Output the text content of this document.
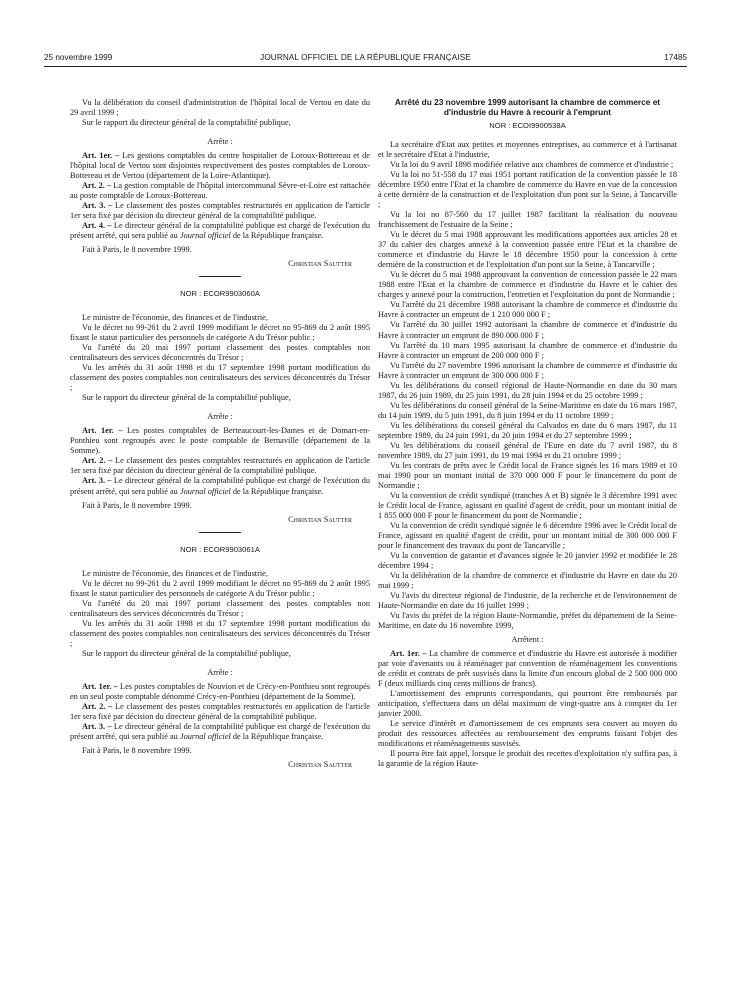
25 novembre 1999	JOURNAL OFFICIEL DE LA RÉPUBLIQUE FRANÇAISE	17485

Vu la délibération du conseil d'administration de l'hôpital local de Vertou en date du 29 avril 1999 ;

Sur le rapport du directeur général de la comptabilité publique,

Arrête :

Art. 1er. – Les gestions comptables du centre hospitalier de Loroux-Bottereau et de l'hôpital local de Vertou sont disjointes respectivement des postes comptables de Loroux-Bottereau et de Vertou (département de la Loire-Atlantique).

Art. 2. – La gestion comptable de l'hôpital intercommunal Sèvre-et-Loire est rattachée au poste comptable de Loroux-Bottereau.

Art. 3. – Le classement des postes comptables restructurés en application de l'article 1er sera fixé par décision du directeur général de la comptabilité publique.

Art. 4. – Le directeur général de la comptabilité publique est chargé de l'exécution du présent arrêté, qui sera publié au Journal officiel de la République française.

Fait à Paris, le 8 novembre 1999.

Christian Sautter

NOR : ECOR9903060A

Le ministre de l'économie, des finances et de l'industrie,

Vu le décret no 99-261 du 2 avril 1999 modifiant le décret no 95-869 du 2 août 1995 fixant le statut particulier des personnels de catégorie A du Trésor public ;

Vu l'arrêté du 20 mai 1997 portant classement des postes comptables non centralisateurs des services déconcentrés du Trésor ;

Vu les arrêtés du 31 août 1998 et du 17 septembre 1998 portant modification du classement des postes comptables non centralisateurs des services déconcentrés du Trésor ;

Sur le rapport du directeur général de la comptabilité publique,

Arrête :

Art. 1er. – Les postes comptables de Berteaucourt-les-Dames et de Domart-en-Ponthieu sont regroupés avec le poste comptable de Bernaville (département de la Somme).

Art. 2. – Le classement des postes comptables restructurés en application de l'article 1er sera fixé par décision du directeur général de la comptabilité publique.

Art. 3. – Le directeur général de la comptabilité publique est chargé de l'exécution du présent arrêté, qui sera publié au Journal officiel de la République française.

Fait à Paris, le 8 novembre 1999.

Christian Sautter

NOR : ECOR9903061A

Le ministre de l'économie, des finances et de l'industrie,

Vu le décret no 99-261 du 2 avril 1999 modifiant le décret no 95-869 du 2 août 1995 fixant le statut particulier des personnels de catégorie A du Trésor public ;

Vu l'arrêté du 20 mai 1997 portant classement des postes comptables non centralisateurs des services déconcentrés du Trésor ;

Vu les arrêtés du 31 août 1998 et du 17 septembre 1998 portant modification du classement des postes comptables non centralisateurs des services déconcentrés du Trésor ;

Sur le rapport du directeur général de la comptabilité publique,

Arrête :

Art. 1er. – Les postes comptables de Nouvion et de Crécy-en-Ponthieu sont regroupés en un seul poste comptable dénommé Crécy-en-Ponthieu (département de la Somme).

Art. 2. – Le classement des postes comptables restructurés en application de l'article 1er sera fixé par décision du directeur général de la comptabilité publique.

Art. 3. – Le directeur général de la comptabilité publique est chargé de l'exécution du présent arrêté, qui sera publié au Journal officiel de la République française.

Fait à Paris, le 8 novembre 1999.

Christian Sautter

Arrêté du 23 novembre 1999 autorisant la chambre de commerce et d'industrie du Havre à recourir à l'emprunt

NOR : ECOI9900538A

La secrétaire d'Etat aux petites et moyennes entreprises, au commerce et à l'artisanat et le secrétaire d'Etat à l'industrie,

Vu la loi du 9 avril 1898 modifiée relative aux chambres de commerce et d'industrie ;

Vu la loi no 51-558 du 17 mai 1951 portant ratification de la convention passée le 18 décembre 1950 entre l'Etat et la chambre de commerce du Havre en vue de la concession à cette dernière de la construction et de l'exploitation d'un pont sur la Seine, à Tancarville ;

Vu la loi no 87-560 du 17 juillet 1987 facilitant la réalisation du nouveau franchissement de l'estuaire de la Seine ;

Vu le décret du 5 mai 1988 approuvant les modifications apportées aux articles 28 et 37 du cahier des charges annexé à la convention passée entre l'Etat et la chambre de commerce et d'industrie du Havre le 18 décembre 1950 pour la concession à cette dernière de la construction et de l'exploitation d'un pont sur la Seine, à Tancarville ;

Vu le décret du 5 mai 1988 approuvant la convention de concession passée le 22 mars 1988 entre l'Etat et la chambre de commerce et d'industrie du Havre et le cahier des charges y annexé pour la construction, l'entretien et l'exploitation du pont de Normandie ;

Vu l'arrêté du 21 décembre 1988 autorisant la chambre de commerce et d'industrie du Havre à contracter un emprunt de 1 210 000 000 F ;

Vu l'arrêté du 30 juillet 1992 autorisant la chambre de commerce et d'industrie du Havre à contracter un emprunt de 890 000 000 F ;

Vu l'arrêté du 10 mars 1995 autorisant la chambre de commerce et d'industrie du Havre à contracter un emprunt de 200 000 000 F ;

Vu l'arrêté du 27 novembre 1996 autorisant la chambre de commerce et d'industrie du Havre à contracter un emprunt de 300 000 000 F ;

Vu les délibérations du conseil régional de Haute-Normandie en date du 30 mars 1987, du 26 juin 1989, du 25 juin 1991, du 28 juin 1994 et du 25 octobre 1999 ;

Vu les délibérations du conseil général de la Seine-Maritime en date du 16 mars 1987, du 14 juin 1989, du 5 juin 1991, du 8 juin 1994 et du 11 octobre 1999 ;

Vu les délibérations du conseil général du Calvados en date du 6 mars 1987, du 11 septembre 1989, du 24 juin 1991, du 20 juin 1994 et du 27 septembre 1999 ;

Vu les délibérations du conseil général de l'Eure en date du 7 avril 1987, du 8 novembre 1989, du 27 juin 1991, du 19 mai 1994 et du 21 octobre 1999 ;

Vu les contrats de prêts avec le Crédit local de France signés les 16 mars 1989 et 10 mai 1990 pour un montant initial de 370 000 000 F pour le financement du pont de Normandie ;

Vu la convention de crédit syndiqué (tranches A et B) signée le 3 décembre 1991 avec le Crédit local de France, agissant en qualité d'agent de crédit, pour un montant initial de 1 855 000 000 F pour le financement du pont de Normandie ;

Vu la convention de crédit syndiqué signée le 6 décembre 1996 avec le Crédit local de France, agissant en qualité d'agent de crédit, pour un montant initial de 300 000 000 F pour le financement des travaux du pont de Tancarville ;

Vu la convention de garantie et d'avances signée le 20 janvier 1992 et modifiée le 28 décembre 1994 ;

Vu la délibération de la chambre de commerce et d'industrie du Havre en date du 20 mai 1999 ;

Vu l'avis du directeur régional de l'industrie, de la recherche et de l'environnement de Haute-Normandie en date du 16 juillet 1999 ;

Vu l'avis du préfet de la région Haute-Normandie, préfet du département de la Seine-Maritime, en date du 16 novembre 1999,

Arrêtent :

Art. 1er. – La chambre de commerce et d'industrie du Havre est autorisée à modifier par voie d'avenants ou à réaménager par convention de réaménagement les conventions de crédit et contrats de prêt susvisés dans la limite d'un encours global de 2 500 000 000 F (deux milliards cinq cents millions de francs).

L'amortissement des emprunts correspondants, qui pourront être remboursés par anticipation, s'effectuera dans un délai maximum de vingt-quatre ans à compter du 1er janvier 2000.

Le service d'intérêt et d'amortissement de ces emprunts sera couvert au moyen du produit des ressources affectées au remboursement des emprunts faisant l'objet des modifications et réaménagements susvisés.

Il pourra être fait appel, lorsque le produit des recettes d'exploitation n'y suffira pas, à la garantie de la région Haute-
